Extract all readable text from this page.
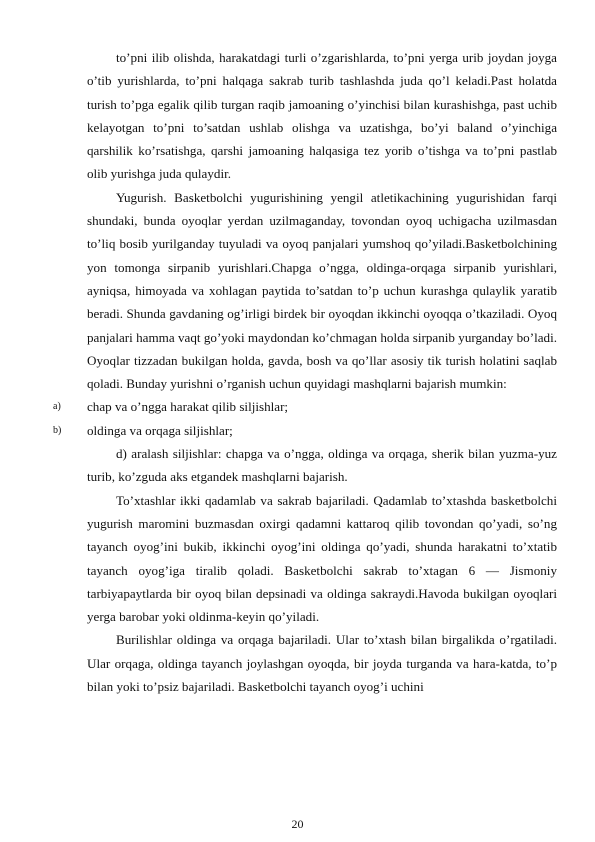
to’pni ilib olishda, harakatdagi turli o’zgarishlarda, to’pni yerga urib joydan joyga o’tib yurishlarda, to’pni halqaga sakrab turib tashlashda juda qo’l keladi.Past holatda turish to’pga egalik qilib turgan raqib jamoaning o’yinchisi bilan kurashishga, past uchib kelayotgan to’pni to’satdan ushlab olishga va uzatishga, bo’yi baland o’yinchiga qarshilik ko’rsatishga, qarshi jamoaning halqasiga tez yorib o’tishga va to’pni pastlab olib yurishga juda qulaydir.

Yugurish. Basketbolchi yugurishining yengil atletikachining yugurishidan farqi shundaki, bunda oyoqlar yerdan uzilmaganday, tovondan oyoq uchigacha uzilmasdan to’liq bosib yurilganday tuyuladi va oyoq panjalari yumshoq qo’yiladi.Basketbolchining yon tomonga sirpanib yurishlari.Chapga o’ngga, oldinga-orqaga sirpanib yurishlari, ayniqsa, himoyada va xohlagan paytida to’satdan to’p uchun kurashga qulaylik yaratib beradi. Shunda gavdaning og’irligi birdek bir oyoqdan ikkinchi oyoqqa o’tkaziladi. Oyoq panjalari hamma vaqt go’yoki maydondan ko’chmagan holda sirpanib yurganday bo’ladi. Oyoqlar tizzadan bukilgan holda, gavda, bosh va qo’llar asosiy tik turish holatini saqlab qoladi. Bunday yurishni o’rganish uchun quyidagi mashqlarni bajarish mumkin:

a) chap va o’ngga harakat qilib siljishlar;
b) oldinga va orqaga siljishlar;

d) aralash siljishlar: chapga va o’ngga, oldinga va orqaga, sherik bilan yuzma-yuz turib, ko’zguda aks etgandek mashqlarni bajarish.

To’xtashlar ikki qadamlab va sakrab bajariladi. Qadamlab to’xtashda basketbolchi yugurish maromini buzmasdan oxirgi qadamni kattaroq qilib tovondan qo’yadi, so’ng tayanch oyog’ini bukib, ikkinchi oyog’ini oldinga qo’yadi, shunda harakatni to’xtatib tayanch oyog’iga tiralib qoladi. Basketbolchi sakrab to’xtagan 6 — Jismoniy tarbiyapaytlarda bir oyoq bilan depsinadi va oldinga sakraydi.Havoda bukilgan oyoqlari yerga barobar yoki oldinma-keyin qo’yiladi.

Burilishlar oldinga va orqaga bajariladi. Ular to’xtash bilan birgalikda o’rgatiladi. Ular orqaga, oldinga tayanch joylashgan oyoqda, bir joyda turganda va hara-katda, to’p bilan yoki to’psiz bajariladi. Basketbolchi tayanch oyog’i uchini

20
